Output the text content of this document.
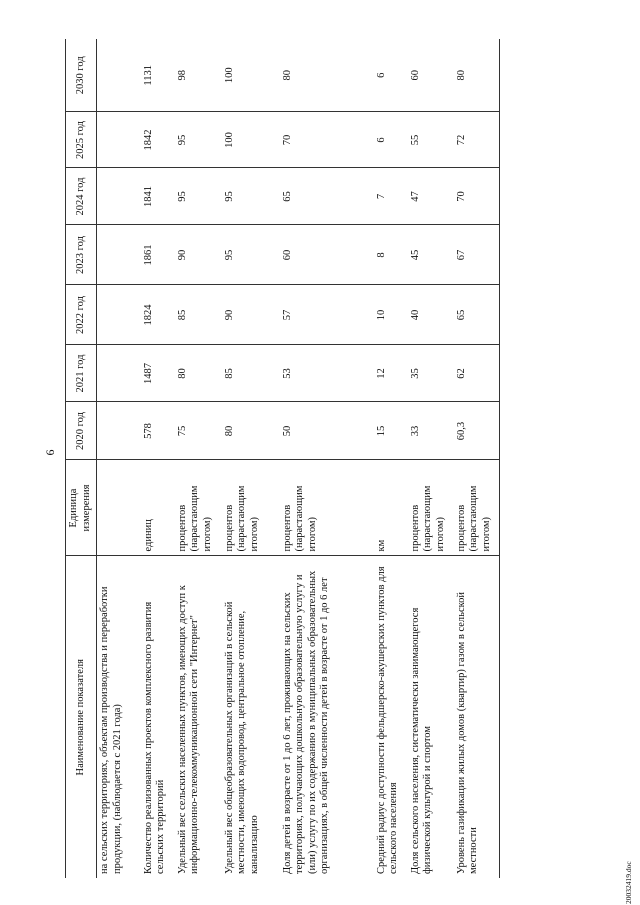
6
Наименование показателя	Единица измерения	2020 год	2021 год	2022 год	2023 год	2024 год	2025 год	2030 год
на сельских территориях, объектам производства и переработки продукции, (наблюдается с 2021 года)								
Количество реализованных проектов комплексного развития сельских территорий	единиц	578	1487	1824	1861	1841	1842	1131
Удельный вес сельских населенных пунктов, имеющих доступ к информационно-телекоммуникационной сети "Интернет"	процентов (нарастающим итогом)	75	80	85	90	95	95	98
Удельный вес общеобразовательных организаций в сельской местности, имеющих водопровод, центральное отопление, канализацию	процентов (нарастающим итогом)	80	85	90	95	95	100	100
Доля детей в возрасте от 1 до 6 лет, проживающих на сельских территориях, получающих дошкольную образовательную услугу и (или) услугу по их содержанию в муниципальных образовательных организациях, в общей численности детей в возрасте от 1 до 6 лет	процентов (нарастающим итогом)	50	53	57	60	65	70	80
Средний радиус доступности фельдшерско-акушерских пунктов для сельского населения	км	15	12	10	8	7	6	6
Доля сельского населения, систематически занимающегося физической культурой и спортом	процентов (нарастающим итогом)	33	35	40	45	47	55	60
Уровень газификации жилых домов (квартир) газом в сельской местности	процентов (нарастающим итогом)	60,3	62	65	67	70	72	80
20032419.doc
